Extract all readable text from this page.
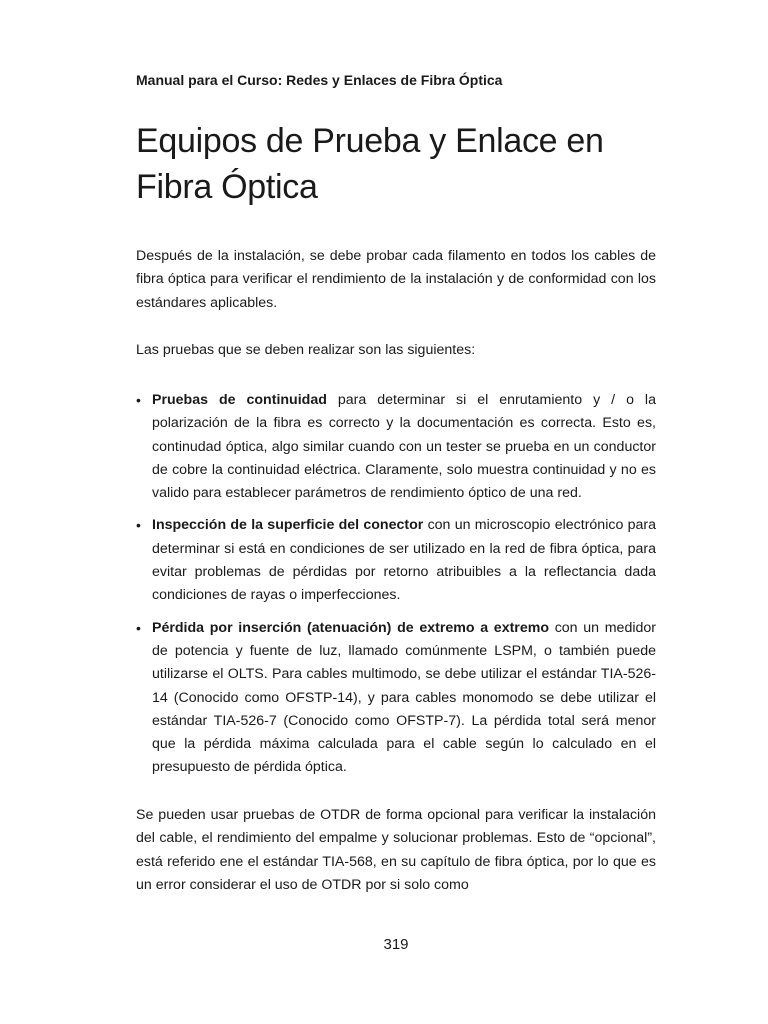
Manual para el Curso: Redes y Enlaces de Fibra Óptica
Equipos de Prueba y Enlace en Fibra Óptica

Después de la instalación, se debe probar cada filamento en todos los cables de fibra óptica para verificar el rendimiento de la instalación y de conformidad con los estándares aplicables.

Las pruebas que se deben realizar son las siguientes:

• Pruebas de continuidad para determinar si el enrutamiento y / o la polarización de la fibra es correcto y la documentación es correcta. Esto es, continudad óptica, algo similar cuando con un tester se prueba en un conductor de cobre la continuidad eléctrica. Claramente, solo muestra continuidad y no es valido para establecer parámetros de rendimiento óptico de una red.
• Inspección de la superficie del conector con un microscopio electrónico para determinar si está en condiciones de ser utilizado en la red de fibra óptica, para evitar problemas de pérdidas por retorno atribuibles a la reflectancia dada condiciones de rayas o imperfecciones.
• Pérdida por inserción (atenuación) de extremo a extremo con un medidor de potencia y fuente de luz, llamado comúnmente LSPM, o también puede utilizarse el OLTS. Para cables multimodo, se debe utilizar el estándar TIA-526-14 (Conocido como OFSTP-14), y para cables monomodo se debe utilizar el estándar TIA-526-7 (Conocido como OFSTP-7). La pérdida total será menor que la pérdida máxima calculada para el cable según lo calculado en el presupuesto de pérdida óptica.

Se pueden usar pruebas de OTDR de forma opcional para verificar la instalación del cable, el rendimiento del empalme y solucionar problemas. Esto de “opcional”, está referido ene el estándar TIA-568, en su capítulo de fibra óptica, por lo que es un error considerar el uso de OTDR por si solo como

319
